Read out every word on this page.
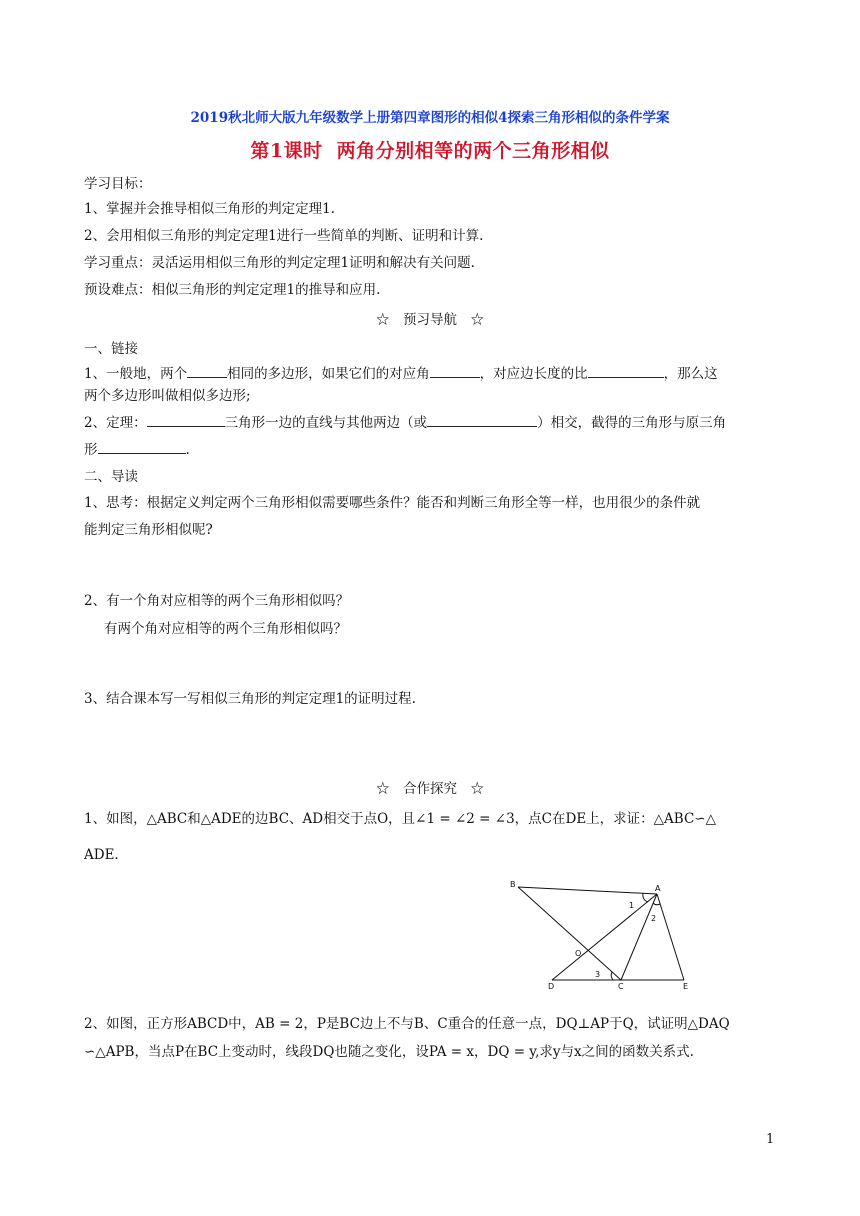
2019秋北师大版九年级数学上册第四章图形的相似4探索三角形相似的条件学案
第1课时 两角分别相等的两个三角形相似
学习目标：
1、掌握并会推导相似三角形的判定定理1.
2、会用相似三角形的判定定理1进行一些简单的判断、证明和计算.
学习重点：灵活运用相似三角形的判定定理1证明和解决有关问题.
预设难点：相似三角形的判定定理1的推导和应用.
☆　预习导航　☆
一、链接
1、一般地，两个	相同的多边形，如果它们的对应角	，对应边长度的比	，那么这
两个多边形叫做相似多边形;
2、定理：	三角形一边的直线与其他两边（或	）相交，截得的三角形与原三角
形	.
二、导读
1、思考：根据定义判定两个三角形相似需要哪些条件？能否和判断三角形全等一样，也用很少的条件就
能判定三角形相似呢?
2、有一个角对应相等的两个三角形相似吗？
有两个角对应相等的两个三角形相似吗？
3、结合课本写一写相似三角形的判定定理1的证明过程.
☆　合作探究　☆
1、如图，△ABC和△ADE的边BC、AD相交于点O，且∠1 = ∠2 = ∠3，点C在DE上，求证：△ABC∽△
ADE.
B	A
O
D	C	E
1
2
3
2、如图，正方形ABCD中，AB = 2，P是BC边上不与B、C重合的任意一点，DQ⊥AP于Q，试证明△DAQ
∽△APB，当点P在BC上变动时，线段DQ也随之变化，设PA = x，DQ = y,求y与x之间的函数关系式.
1
